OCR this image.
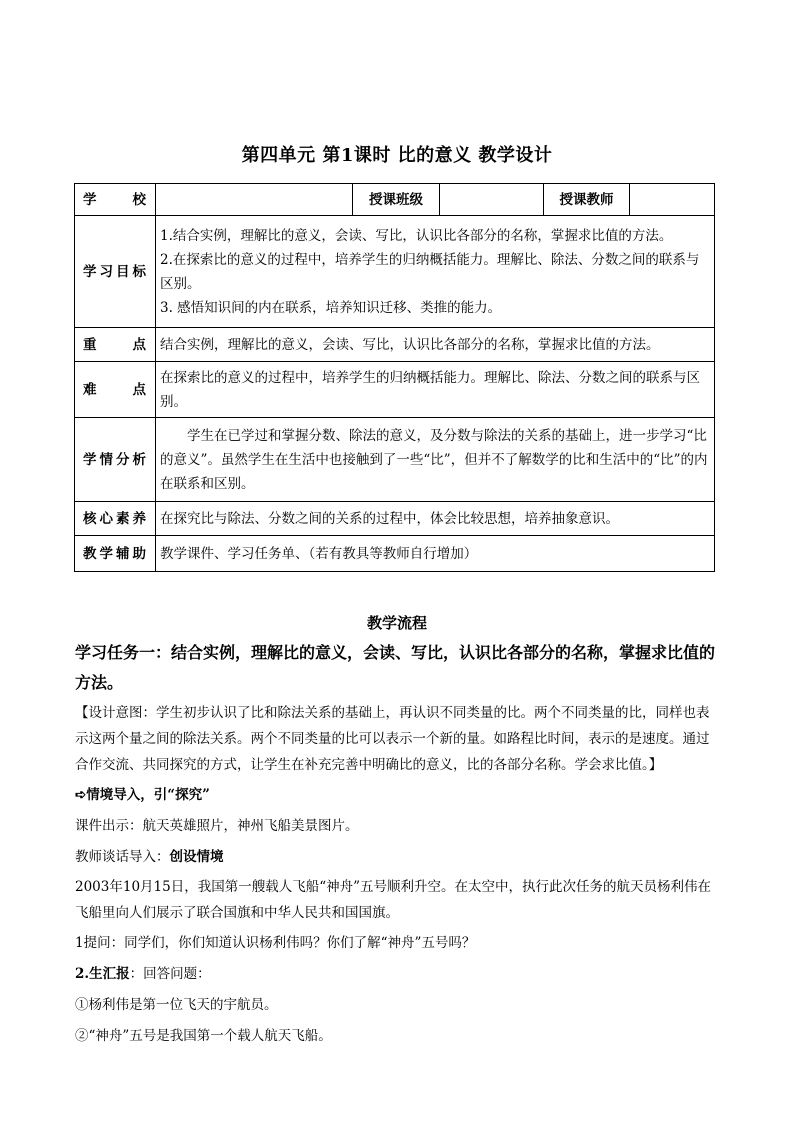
第四单元 第1课时 比的意义 教学设计
学　　校		授课班级		授课教师	
学习目标	1.结合实例，理解比的意义，会读、写比，认识比各部分的名称，掌握求比值的方法。
2.在探索比的意义的过程中，培养学生的归纳概括能力。理解比、除法、分数之间的联系与区别。
3. 感悟知识间的内在联系，培养知识迁移、类推的能力。				

重　　点	结合实例，理解比的意义，会读、写比，认识比各部分的名称，掌握求比值的方法。				
难　　点	在探索比的意义的过程中，培养学生的归纳概括能力。理解比、除法、分数之间的联系与区别。				
学情分析	学生在已学过和掌握分数、除法的意义，及分数与除法的关系的基础上，进一步学习“比的意义”。虽然学生在生活中也接触到了一些“比”，但并不了解数学的比和生活中的“比”的内在联系和区别。				
核心素养	在探究比与除法、分数之间的关系的过程中，体会比较思想，培养抽象意识。				
教学辅助	教学课件、学习任务单、（若有教具等教师自行增加）				
教学流程
学习任务一：结合实例，理解比的意义，会读、写比，认识比各部分的名称，掌握求比值的方法。
【设计意图：学生初步认识了比和除法关系的基础上，再认识不同类量的比。两个不同类量的比，同样也表示这两个量之间的除法关系。两个不同类量的比可以表示一个新的量。如路程比时间，表示的是速度。通过合作交流、共同探究的方式，让学生在补充完善中明确比的意义，比的各部分名称。学会求比值。】
➪情境导入，引“探究”
课件出示：航天英雄照片，神州飞船美景图片。
教师谈话导入：创设情境
2003年10月15日，我国第一艘载人飞船“神舟”五号顺利升空。在太空中，执行此次任务的航天员杨利伟在飞船里向人们展示了联合国旗和中华人民共和国国旗。
1提问：同学们，你们知道认识杨利伟吗？你们了解“神舟”五号吗？
2.生汇报：回答问题：
①杨利伟是第一位飞天的宇航员。
②“神舟”五号是我国第一个载人航天飞船。
